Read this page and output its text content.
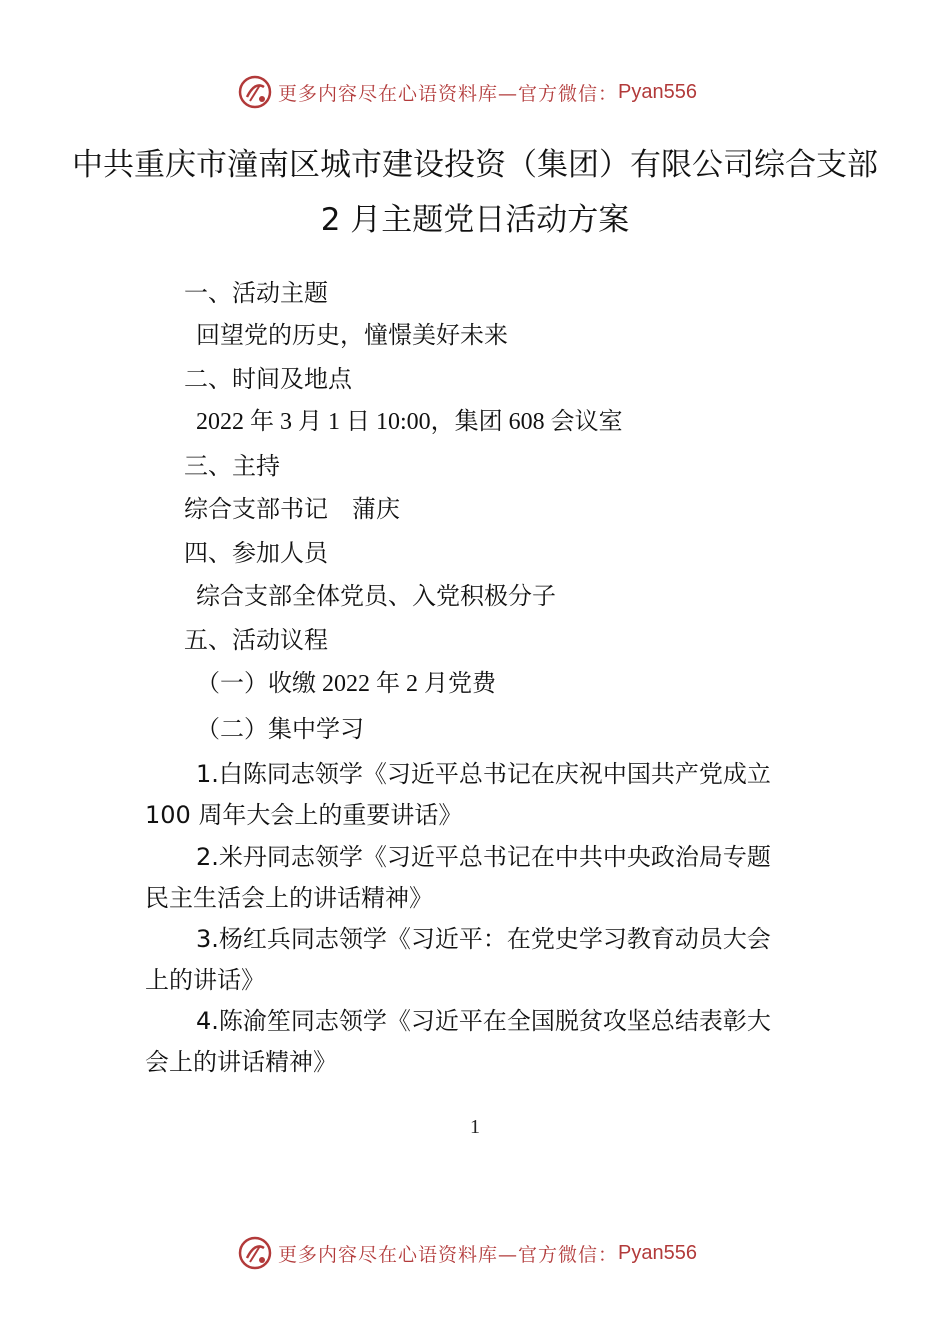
更多内容尽在心语资料库—官方微信： Pyan556
中共重庆市潼南区城市建设投资（集团）有限公司综合支部
2 月主题党日活动方案
一、活动主题
回望党的历史，憧憬美好未来
二、时间及地点
2022 年 3 月 1 日 10:00，集团 608 会议室
三、主持
综合支部书记　蒲庆
四、参加人员
综合支部全体党员、入党积极分子
五、活动议程
（一）收缴 2022 年 2 月党费
（二）集中学习
1.白陈同志领学《习近平总书记在庆祝中国共产党成立
100 周年大会上的重要讲话》
2.米丹同志领学《习近平总书记在中共中央政治局专题
民主生活会上的讲话精神》
3.杨红兵同志领学《习近平：在党史学习教育动员大会
上的讲话》
4.陈渝笙同志领学《习近平在全国脱贫攻坚总结表彰大
会上的讲话精神》
1
更多内容尽在心语资料库—官方微信： Pyan556
